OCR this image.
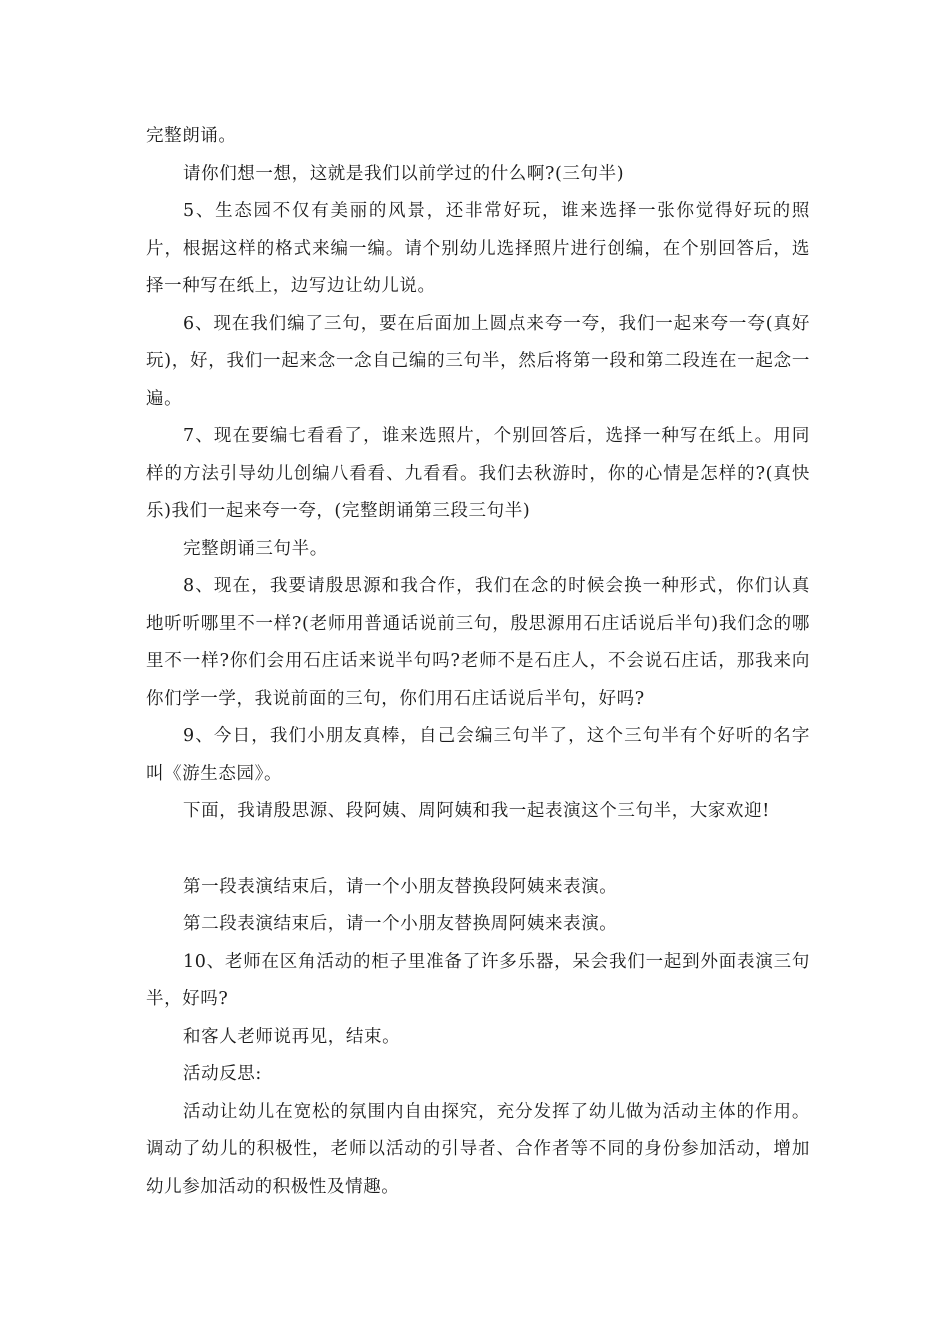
完整朗诵。

请你们想一想，这就是我们以前学过的什么啊?(三句半)

5、生态园不仅有美丽的风景，还非常好玩，谁来选择一张你觉得好玩的照片，根据这样的格式来编一编。请个别幼儿选择照片进行创编，在个别回答后，选择一种写在纸上，边写边让幼儿说。

6、现在我们编了三句，要在后面加上圆点来夸一夸，我们一起来夸一夸(真好玩)，好，我们一起来念一念自己编的三句半，然后将第一段和第二段连在一起念一遍。

7、现在要编七看看了，谁来选照片，个别回答后，选择一种写在纸上。用同样的方法引导幼儿创编八看看、九看看。我们去秋游时，你的心情是怎样的?(真快乐)我们一起来夸一夸，(完整朗诵第三段三句半)

完整朗诵三句半。

8、现在，我要请殷思源和我合作，我们在念的时候会换一种形式，你们认真地听听哪里不一样?(老师用普通话说前三句，殷思源用石庄话说后半句)我们念的哪里不一样?你们会用石庄话来说半句吗?老师不是石庄人，不会说石庄话，那我来向你们学一学，我说前面的三句，你们用石庄话说后半句，好吗?

9、今日，我们小朋友真棒，自己会编三句半了，这个三句半有个好听的名字叫《游生态园》。

下面，我请殷思源、段阿姨、周阿姨和我一起表演这个三句半，大家欢迎!

第一段表演结束后，请一个小朋友替换段阿姨来表演。

第二段表演结束后，请一个小朋友替换周阿姨来表演。

10、老师在区角活动的柜子里准备了许多乐器，呆会我们一起到外面表演三句半，好吗?

和客人老师说再见，结束。

活动反思:

活动让幼儿在宽松的氛围内自由探究，充分发挥了幼儿做为活动主体的作用。调动了幼儿的积极性，老师以活动的引导者、合作者等不同的身份参加活动，增加幼儿参加活动的积极性及情趣。
